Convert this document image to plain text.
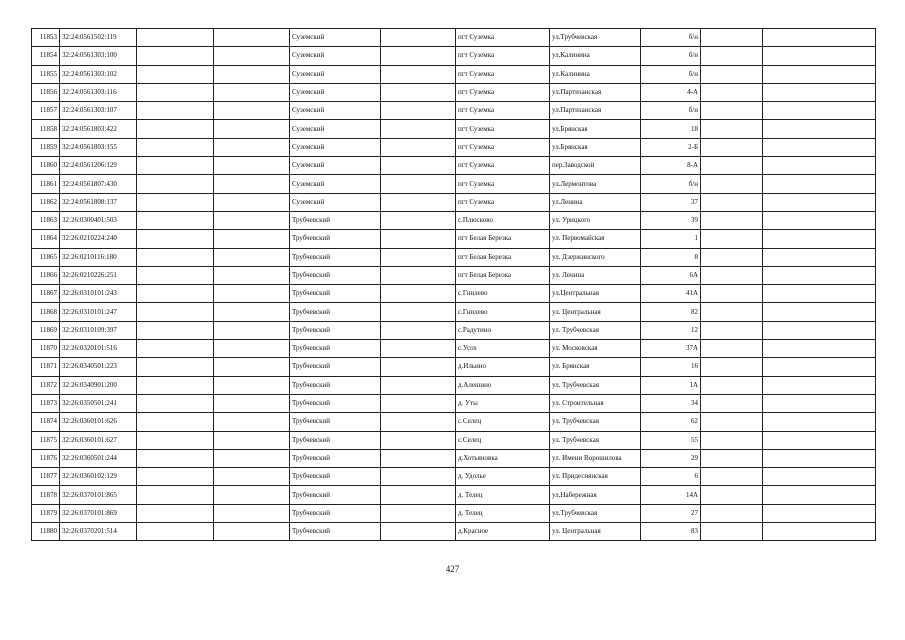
11853	32:24:0561502:119			Суземский		пгт Суземка	ул.Трубчевская	б/н		
11854	32:24:0561303:100			Суземский		пгт Суземка	ул.Калинина	б/н		
11855	32:24:0561303:102			Суземский		пгт Суземка	ул.Калинина	б/н		
11856	32:24:0561303:116			Суземский		пгт Суземка	ул.Партизанская	4-А		
11857	32:24:0561303:107			Суземский		пгт Суземка	ул.Партизанская	б/н		
11858	32:24:0561803:422			Суземский		пгт Суземка	ул.Брянская	18		
11859	32:24:0561803:155			Суземский		пгт Суземка	ул.Брянская	2-Б		
11860	32:24:0561206:129			Суземский		пгт Суземка	пер.Заводской	8-А		
11861	32:24:0561807:430			Суземский		пгт Суземка	ул.Лермонтова	б/н		
11862	32:24:0561808:137			Суземский		пгт Суземка	ул.Ленина	37		
11863	32:26:0300401:503			Трубчевский		с.Плюсково	ул. Урицкого	39		
11864	32:26:0210224:240			Трубчевский		пгт Белая Березка	ул. Первомайская	1		
11865	32:26:0210116:180			Трубчевский		пгт Белая Березка	ул. Дзержинского	8		
11866	32:26:0210226:251			Трубчевский		пгт Белая Березка	ул. Ленина	6А		
11867	32:26:0310101:243			Трубчевский		с.Гнилево	ул.Центральная	41А		
11868	32:26:0310101:247			Трубчевский		с.Гнилево	ул. Центральная	82		
11869	32:26:0310109:397			Трубчевский		с.Радутино	ул. Трубчевская	12		
11870	32:26:0320101:516			Трубчевский		с.Усох	ул. Московская	37А		
11871	32:26:0340501:223			Трубчевский		д.Ильино	ул. Брянская	16		
11872	32:26:0340901:200			Трубчевский		д.Алешино	ул. Трубчевская	1А		
11873	32:26:0350501:241			Трубчевский		д. Уты	ул. Строительная	34		
11874	32:26:0360101:626			Трубчевский		с.Селец	ул. Трубчевская	62		
11875	32:26:0360101:627			Трубчевский		с.Селец	ул. Трубчевская	55		
11876	32:26:0360501:244			Трубчевский		д.Хотьяновка	ул. Имени Ворошилова	29		
11877	32:26:0360102:129			Трубчевский		д. Удолье	ул. Придеснянская	6		
11878	32:26:0370101:865			Трубчевский		д. Телец	ул.Набережная	14А		
11879	32:26:0370101:869			Трубчевский		д. Телец	ул.Трубчевская	27		
11880	32:26:0370201:514			Трубчевский		д.Красное	ул. Центральная	83		
427
